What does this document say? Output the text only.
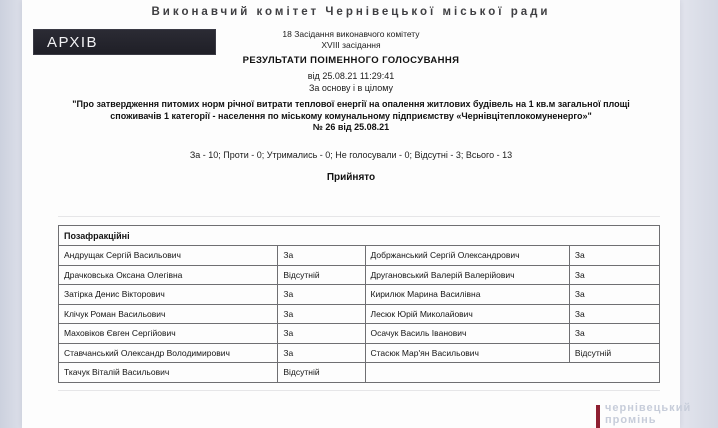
Виконавчий комітет Чернівецької міської ради
АРХІВ	18 Засідання виконавчого комітету
XVIII засідання
РЕЗУЛЬТАТИ ПОІМЕННОГО ГОЛОСУВАННЯ
від 25.08.21 11:29:41
За основу і в цілому
"Про затвердження питомих норм річної витрати теплової енергії на опалення житлових будівель на 1 кв.м загальної площі споживачів 1 категорії - населення по міському комунальному підприємству «Чернівцітеплокомуненерго»"
№ 26 від 25.08.21
За - 10; Проти - 0; Утримались - 0; Не голосували - 0; Відсутні - 3; Всього - 13
Прийнято
Позафракційні			
Андрущак Сергій Васильович	За	Добржанський Сергій Олександрович	За
Драчковська Оксана Олегівна	Відсутній	Другановський Валерій Валерійович	За
Затірка Денис Вікторович	За	Кирилюк Марина Василівна	За
Клічук Роман Васильович	За	Лесюк Юрій Миколайович	За
Маховіков Євген Сергійович	За	Осачук Василь Іванович	За
Ставчанський Олександр Володимирович	За	Стасюк Мар'ян Васильович	Відсутній
Ткачук Віталій Васильович	Відсутній		
чернівецький
промінь
